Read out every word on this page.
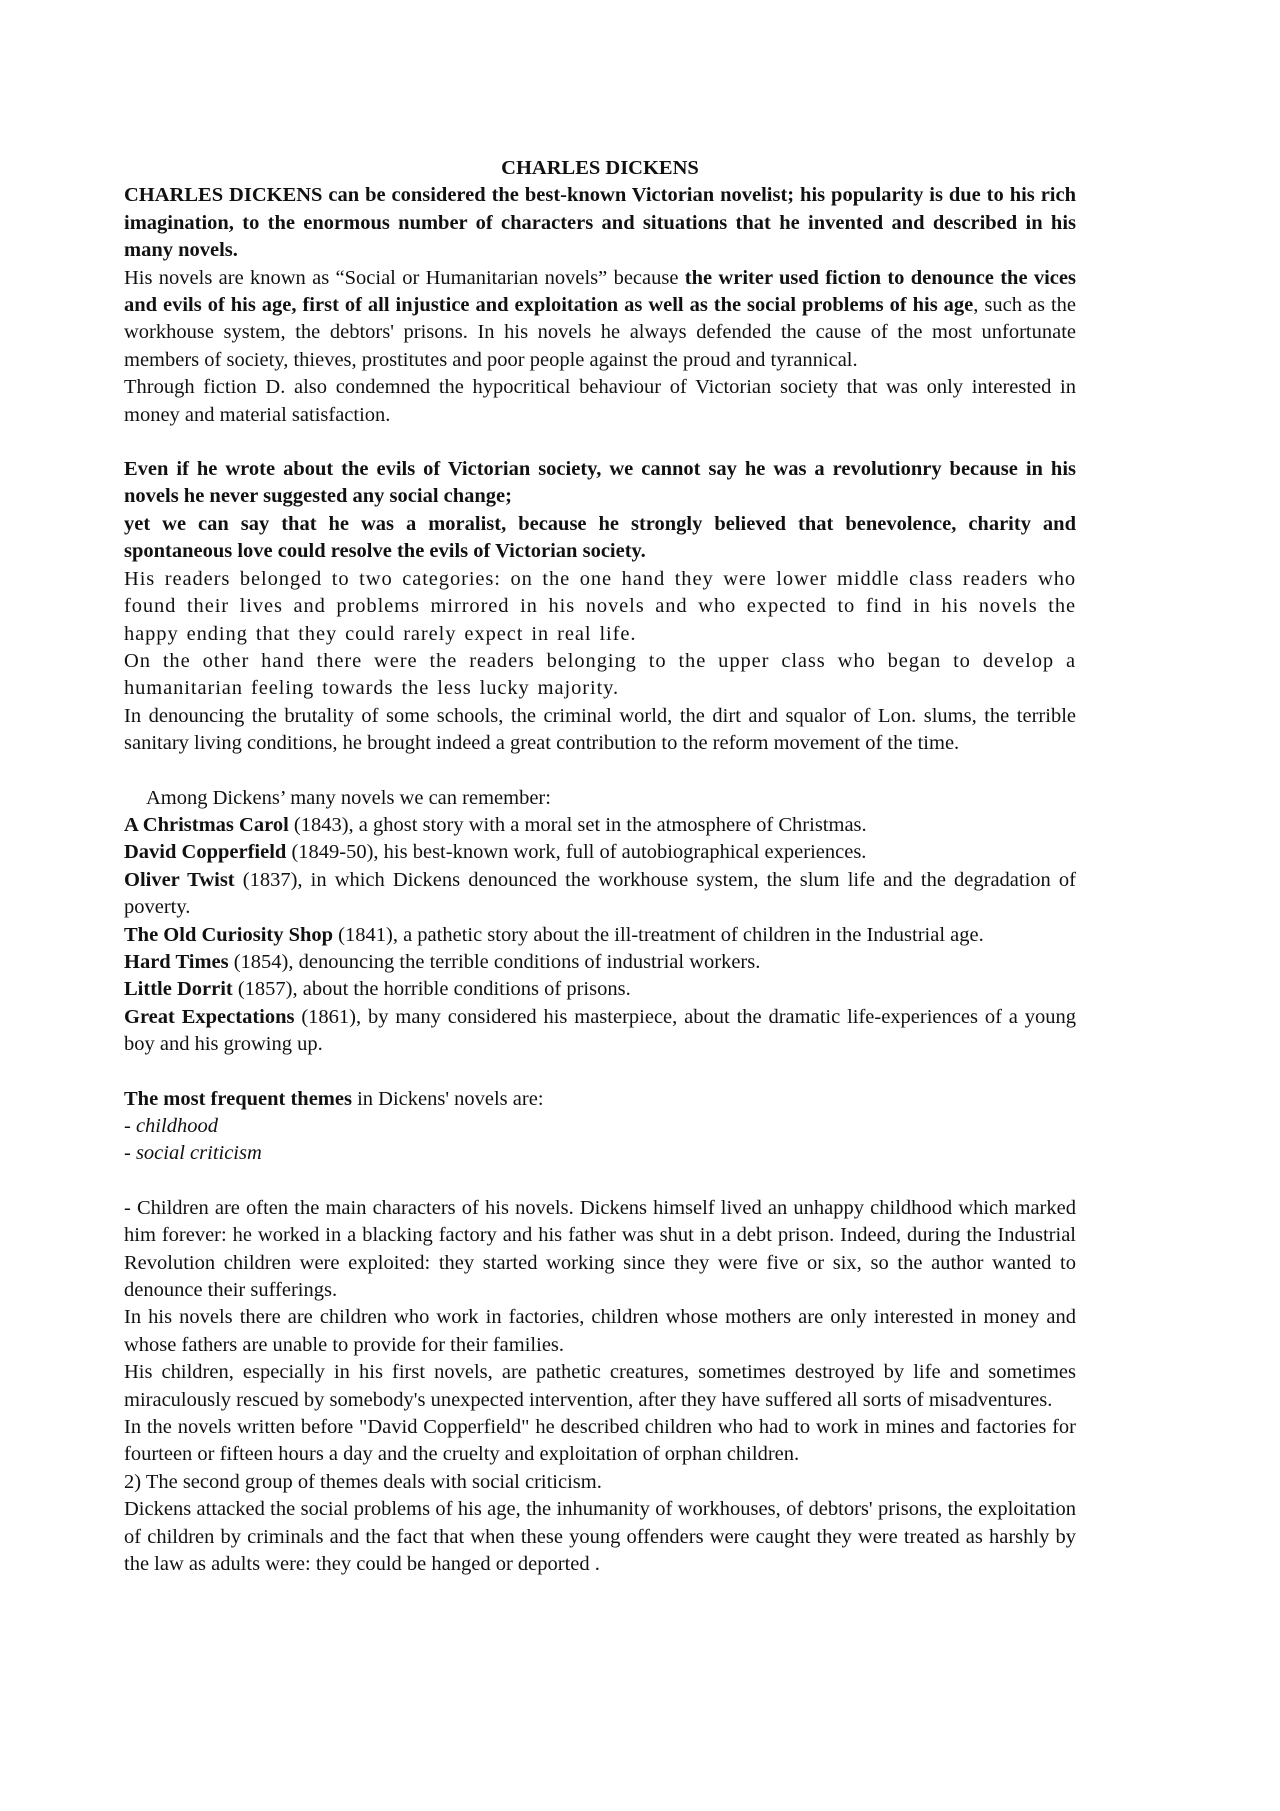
CHARLES DICKENS

CHARLES DICKENS can be considered the best-known Victorian novelist; his popularity is due to his rich imagination, to the enormous number of characters and situations that he invented and described in his many novels.

His novels are known as “Social or Humanitarian novels” because the writer used fiction to denounce the vices and evils of his age, first of all injustice and exploitation as well as the social problems of his age, such as the workhouse system, the debtors' prisons. In his novels he always defended the cause of the most unfortunate members of society, thieves, prostitutes and poor people against the proud and tyrannical.

Through fiction D. also condemned the hypocritical behaviour of Victorian society that was only interested in money and material satisfaction.

Even if he wrote about the evils of Victorian society, we cannot say he was a revolutionry because in his novels he never suggested any social change;

yet we can say that he was a moralist, because he strongly believed that benevolence, charity and spontaneous love could resolve the evils of Victorian society.

His readers belonged to two categories: on the one hand they were lower middle class readers who found their lives and problems mirrored in his novels and who expected to find in his novels the happy ending that they could rarely expect in real life.

On the other hand there were the readers belonging to the upper class who began to develop a humanitarian feeling towards the less lucky majority.

In denouncing the brutality of some schools, the criminal world, the dirt and squalor of Lon. slums, the terrible sanitary living conditions, he brought indeed a great contribution to the reform movement of the time.

Among Dickens’ many novels we can remember:

A Christmas Carol (1843), a ghost story with a moral set in the atmosphere of Christmas.

David Copperfield (1849-50), his best-known work, full of autobiographical experiences.

Oliver Twist (1837), in which Dickens denounced the workhouse system, the slum life and the degradation of poverty.

The Old Curiosity Shop (1841), a pathetic story about the ill-treatment of children in the Industrial age.

Hard Times (1854), denouncing the terrible conditions of industrial workers.

Little Dorrit (1857), about the horrible conditions of prisons.

Great Expectations (1861), by many considered his masterpiece, about the dramatic life-experiences of a young boy and his growing up.

The most frequent themes in Dickens' novels are:

- childhood

- social criticism

- Children are often the main characters of his novels. Dickens himself lived an unhappy childhood which marked him forever: he worked in a blacking factory and his father was shut in a debt prison. Indeed, during the Industrial Revolution children were exploited: they started working since they were five or six, so the author wanted to denounce their sufferings.

In his novels there are children who work in factories, children whose mothers are only interested in money and whose fathers are unable to provide for their families.

His children, especially in his first novels, are pathetic creatures, sometimes destroyed by life and sometimes miraculously rescued by somebody's unexpected intervention, after they have suffered all sorts of misadventures.

In the novels written before "David Copperfield" he described children who had to work in mines and factories for fourteen or fifteen hours a day and the cruelty and exploitation of orphan children.

2) The second group of themes deals with social criticism.

Dickens attacked the social problems of his age, the inhumanity of workhouses, of debtors' prisons, the exploitation of children by criminals and the fact that when these young offenders were caught they were treated as harshly by the law as adults were: they could be hanged or deported .
